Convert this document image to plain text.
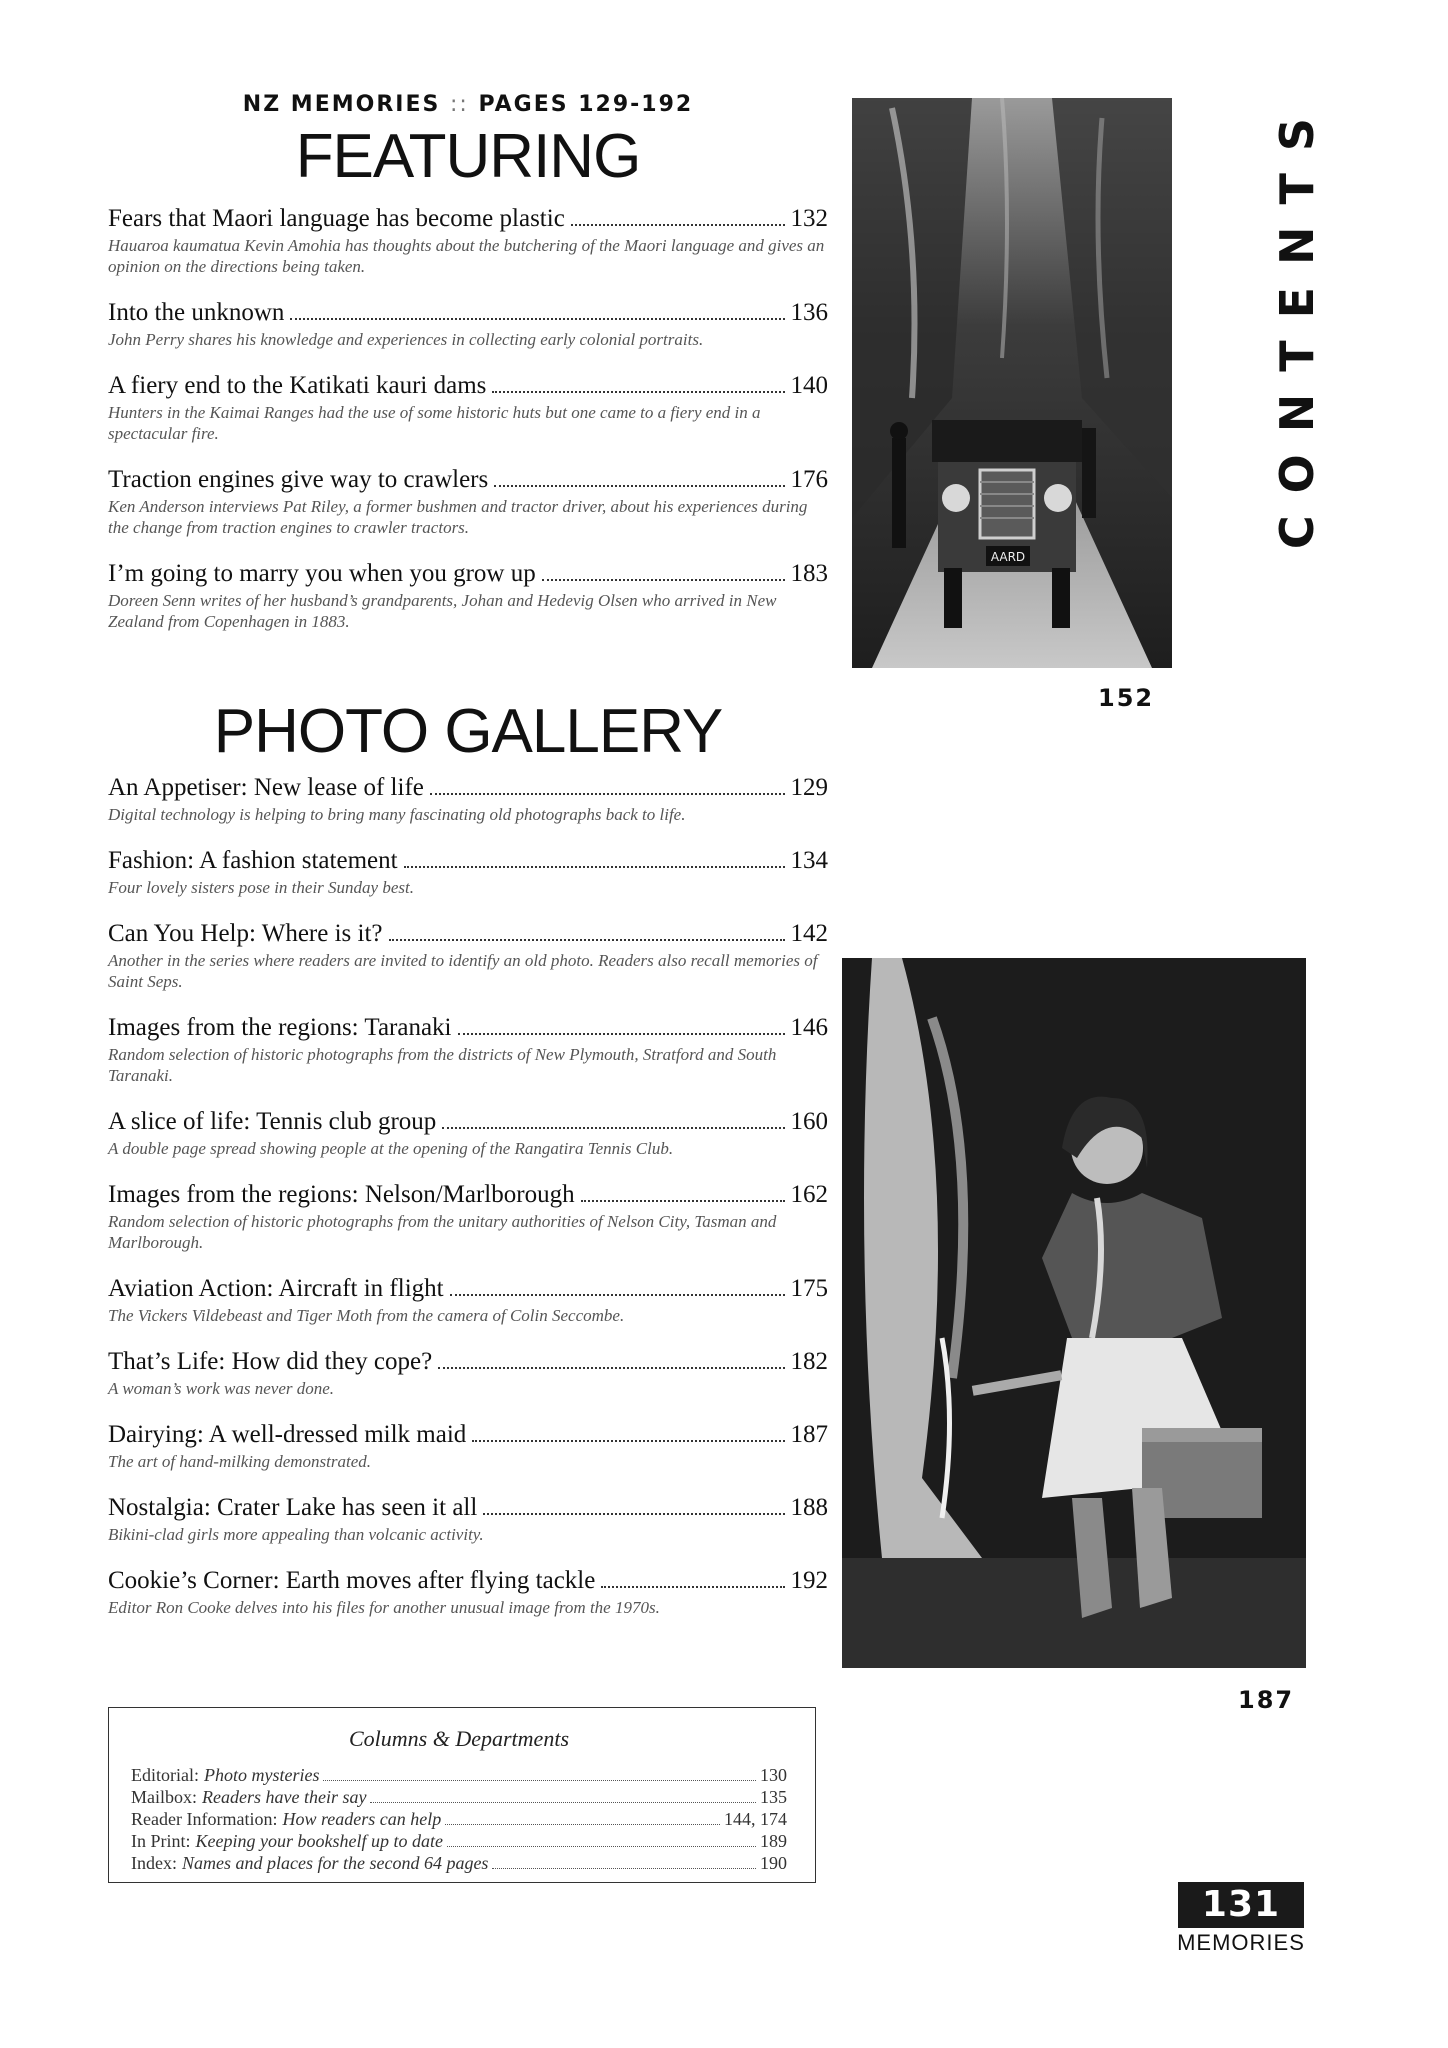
NZ MEMORIES :: PAGES 129-192
FEATURING
Fears that Maori language has become plastic	132
Hauaroa kaumatua Kevin Amohia has thoughts about the butchering of the Maori language and gives an opinion on the directions being taken.
Into the unknown	136
John Perry shares his knowledge and experiences in collecting early colonial portraits.
A fiery end to the Katikati kauri dams	140
Hunters in the Kaimai Ranges had the use of some historic huts but one came to a fiery end in a spectacular fire.
Traction engines give way to crawlers	176
Ken Anderson interviews Pat Riley, a former bushmen and tractor driver, about his experiences during the change from traction engines to crawler tractors.
I’m going to marry you when you grow up	183
Doreen Senn writes of her husband’s grandparents, Johan and Hedevig Olsen who arrived in New Zealand from Copenhagen in 1883.
PHOTO GALLERY
An Appetiser: New lease of life	129
Digital technology is helping to bring many fascinating old photographs back to life.
Fashion: A fashion statement	134
Four lovely sisters pose in their Sunday best.
Can You Help: Where is it?	142
Another in the series where readers are invited to identify an old photo. Readers also recall memories of Saint Seps.
Images from the regions: Taranaki	146
Random selection of historic photographs from the districts of New Plymouth, Stratford and South Taranaki.
A slice of life: Tennis club group	160
A double page spread showing people at the opening of the Rangatira Tennis Club.
Images from the regions: Nelson/Marlborough	162
Random selection of historic photographs from the unitary authorities of Nelson City, Tasman and Marlborough.
Aviation Action: Aircraft in flight	175
The Vickers Vildebeast and Tiger Moth from the camera of Colin Seccombe.
That’s Life: How did they cope?	182
A woman’s work was never done.
Dairying: A well-dressed milk maid	187
The art of hand-milking demonstrated.
Nostalgia: Crater Lake has seen it all	188
Bikini-clad girls more appealing than volcanic activity.
Cookie’s Corner: Earth moves after flying tackle	192
Editor Ron Cooke delves into his files for another unusual image from the 1970s.
AARD
152
CONTENTS
187
Columns & Departments
Editorial: Photo mysteries	130
Mailbox: Readers have their say	135
Reader Information: How readers can help	144, 174
In Print: Keeping your bookshelf up to date	189
Index: Names and places for the second 64 pages	190
131
MEMORIES
